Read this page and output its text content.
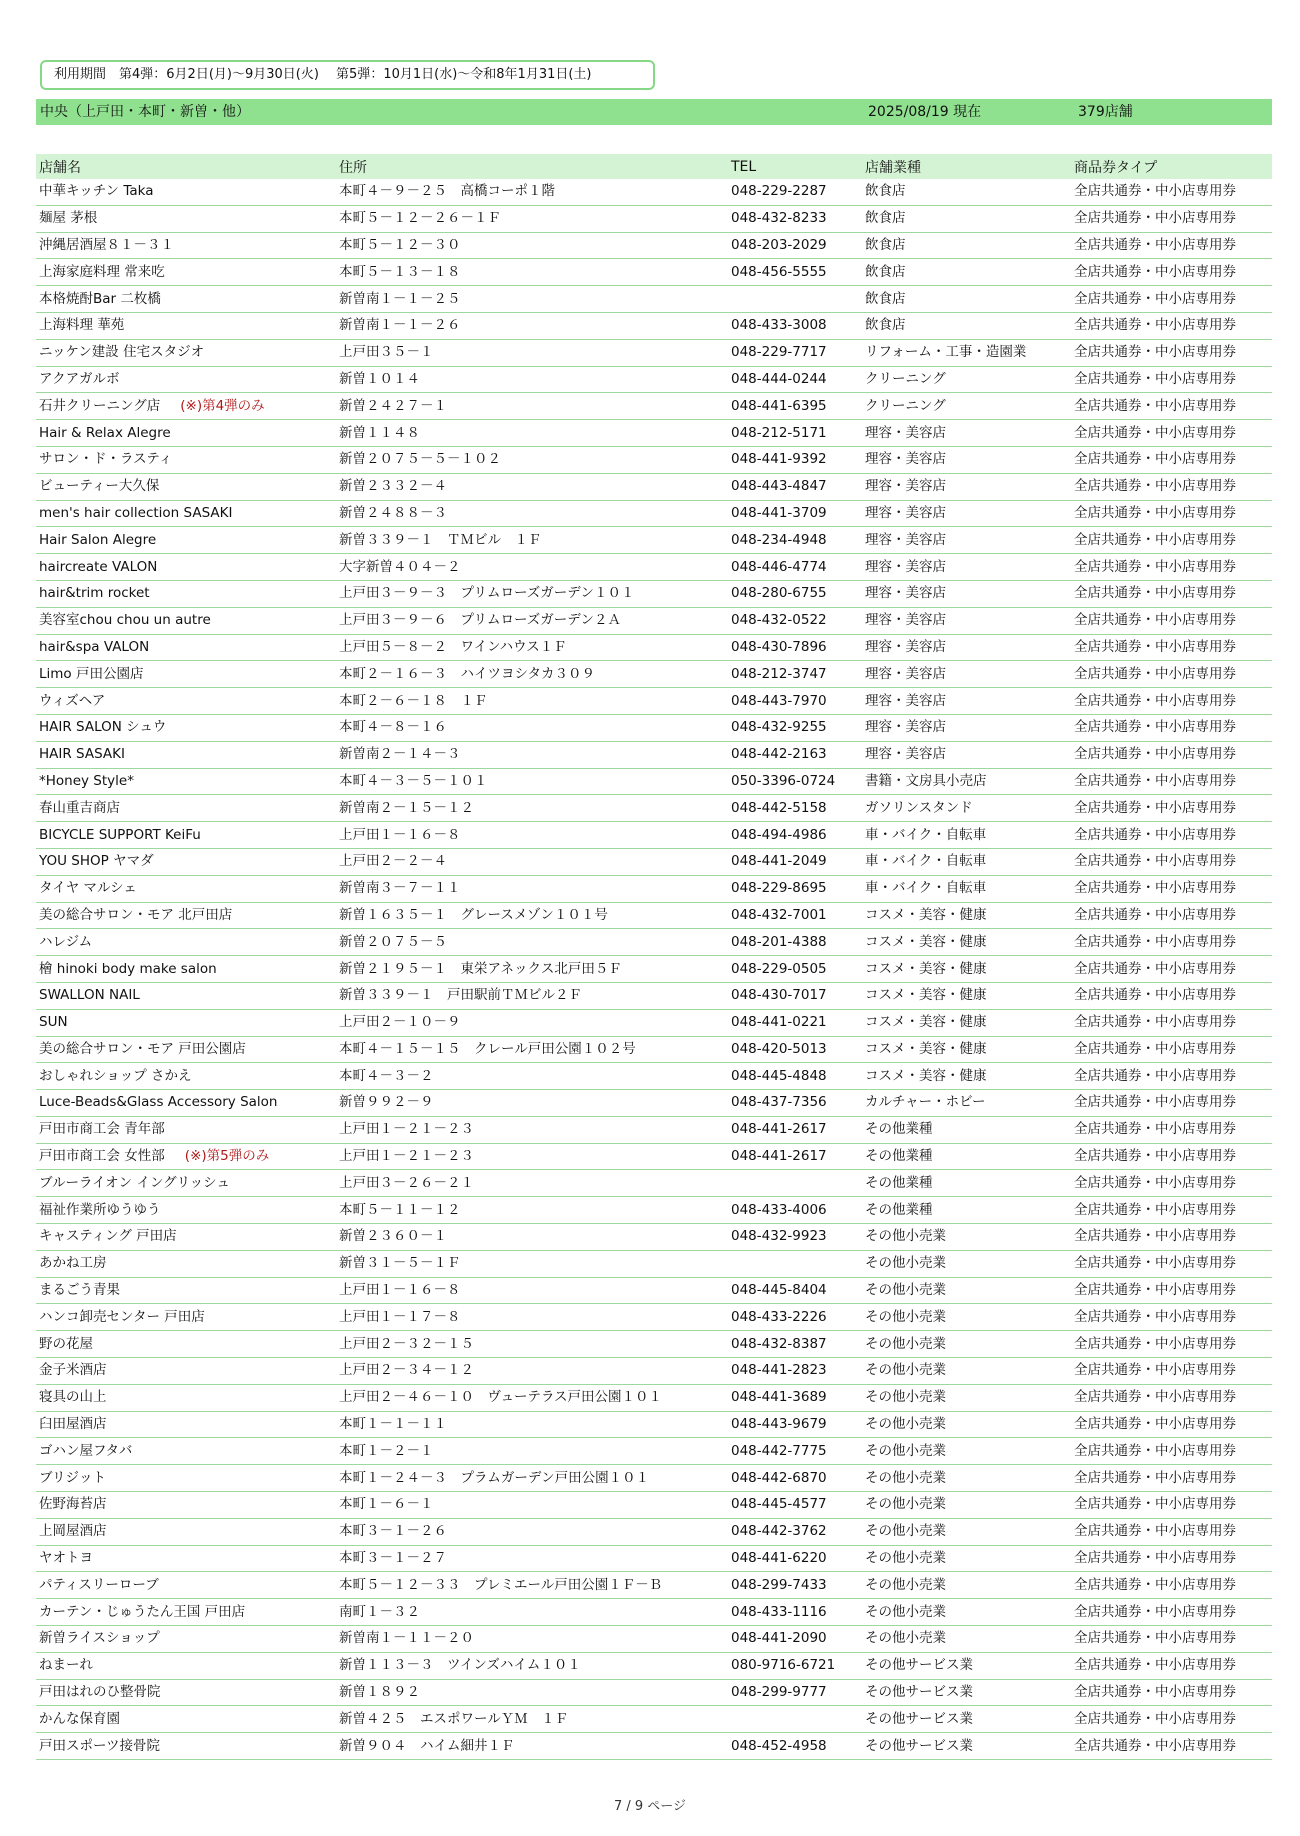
利用期間　第4弾：6月2日(月)～9月30日(火)　 第5弾：10月1日(水)～令和8年1月31日(土)
中央（上戸田・本町・新曽・他）	2025/08/19 現在	379店舗
店舗名	住所	TEL	店舗業種	商品券タイプ
中華キッチン Taka	本町４－９－２５　高橋コーポ１階	048-229-2287	飲食店	全店共通券・中小店専用券
麺屋 茅根	本町５－１２－２６－１Ｆ	048-432-8233	飲食店	全店共通券・中小店専用券
沖縄居酒屋８１－３１	本町５－１２－３０	048-203-2029	飲食店	全店共通券・中小店専用券
上海家庭料理 常来吃	本町５－１３－１８	048-456-5555	飲食店	全店共通券・中小店専用券
本格焼酎Bar 二枚橋	新曽南１－１－２５		飲食店	全店共通券・中小店専用券
上海料理 華苑	新曽南１－１－２６	048-433-3008	飲食店	全店共通券・中小店専用券
ニッケン建設 住宅スタジオ	上戸田３５－１	048-229-7717	リフォーム・工事・造園業	全店共通券・中小店専用券
アクアガルボ	新曽１０１４	048-444-0244	クリーニング	全店共通券・中小店専用券
石井クリーニング店 (※)第4弾のみ	新曽２４２７－１	048-441-6395	クリーニング	全店共通券・中小店専用券
Hair & Relax Alegre	新曽１１４８	048-212-5171	理容・美容店	全店共通券・中小店専用券
サロン・ド・ラスティ	新曽２０７５－５－１０２	048-441-9392	理容・美容店	全店共通券・中小店専用券
ビューティー大久保	新曽２３３２－４	048-443-4847	理容・美容店	全店共通券・中小店専用券
men's hair collection SASAKI	新曽２４８８－３	048-441-3709	理容・美容店	全店共通券・中小店専用券
Hair Salon Alegre	新曽３３９－１　ＴＭビル　１Ｆ	048-234-4948	理容・美容店	全店共通券・中小店専用券
haircreate VALON	大字新曽４０４－２	048-446-4774	理容・美容店	全店共通券・中小店専用券
hair&trim rocket	上戸田３－９－３　プリムローズガーデン１０１	048-280-6755	理容・美容店	全店共通券・中小店専用券
美容室chou chou un autre	上戸田３－９－６　プリムローズガーデン２Ａ	048-432-0522	理容・美容店	全店共通券・中小店専用券
hair&spa VALON	上戸田５－８－２　ワインハウス１Ｆ	048-430-7896	理容・美容店	全店共通券・中小店専用券
Limo 戸田公園店	本町２－１６－３　ハイツヨシタカ３０９	048-212-3747	理容・美容店	全店共通券・中小店専用券
ウィズヘア	本町２－６－１８　１Ｆ	048-443-7970	理容・美容店	全店共通券・中小店専用券
HAIR SALON シュウ	本町４－８－１６	048-432-9255	理容・美容店	全店共通券・中小店専用券
HAIR SASAKI	新曽南２－１４－３	048-442-2163	理容・美容店	全店共通券・中小店専用券
*Honey Style*	本町４－３－５－１０１	050-3396-0724	書籍・文房具小売店	全店共通券・中小店専用券
春山重吉商店	新曽南２－１５－１２	048-442-5158	ガソリンスタンド	全店共通券・中小店専用券
BICYCLE SUPPORT KeiFu	上戸田１－１６－８	048-494-4986	車・バイク・自転車	全店共通券・中小店専用券
YOU SHOP ヤマダ	上戸田２－２－４	048-441-2049	車・バイク・自転車	全店共通券・中小店専用券
タイヤ マルシェ	新曽南３－７－１１	048-229-8695	車・バイク・自転車	全店共通券・中小店専用券
美の総合サロン・モア 北戸田店	新曽１６３５－１　グレースメゾン１０１号	048-432-7001	コスメ・美容・健康	全店共通券・中小店専用券
ハレジム	新曽２０７５－５	048-201-4388	コスメ・美容・健康	全店共通券・中小店専用券
檜 hinoki body make salon	新曽２１９５－１　東栄アネックス北戸田５Ｆ	048-229-0505	コスメ・美容・健康	全店共通券・中小店専用券
SWALLON NAIL	新曽３３９－１　戸田駅前ＴＭビル２Ｆ	048-430-7017	コスメ・美容・健康	全店共通券・中小店専用券
SUN	上戸田２－１０－９	048-441-0221	コスメ・美容・健康	全店共通券・中小店専用券
美の総合サロン・モア 戸田公園店	本町４－１５－１５　クレール戸田公園１０２号	048-420-5013	コスメ・美容・健康	全店共通券・中小店専用券
おしゃれショップ さかえ	本町４－３－２	048-445-4848	コスメ・美容・健康	全店共通券・中小店専用券
Luce-Beads&Glass Accessory Salon	新曽９９２－９	048-437-7356	カルチャー・ホビー	全店共通券・中小店専用券
戸田市商工会 青年部	上戸田１－２１－２３	048-441-2617	その他業種	全店共通券・中小店専用券
戸田市商工会 女性部 (※)第5弾のみ	上戸田１－２１－２３	048-441-2617	その他業種	全店共通券・中小店専用券
ブルーライオン イングリッシュ	上戸田３－２６－２１		その他業種	全店共通券・中小店専用券
福祉作業所ゆうゆう	本町５－１１－１２	048-433-4006	その他業種	全店共通券・中小店専用券
キャスティング 戸田店	新曽２３６０－１	048-432-9923	その他小売業	全店共通券・中小店専用券
あかね工房	新曽３１－５－１Ｆ		その他小売業	全店共通券・中小店専用券
まるごう青果	上戸田１－１６－８	048-445-8404	その他小売業	全店共通券・中小店専用券
ハンコ卸売センター 戸田店	上戸田１－１７－８	048-433-2226	その他小売業	全店共通券・中小店専用券
野の花屋	上戸田２－３２－１５	048-432-8387	その他小売業	全店共通券・中小店専用券
金子米酒店	上戸田２－３４－１２	048-441-2823	その他小売業	全店共通券・中小店専用券
寝具の山上	上戸田２－４６－１０　ヴューテラス戸田公園１０１	048-441-3689	その他小売業	全店共通券・中小店専用券
臼田屋酒店	本町１－１－１１	048-443-9679	その他小売業	全店共通券・中小店専用券
ゴハン屋フタバ	本町１－２－１	048-442-7775	その他小売業	全店共通券・中小店専用券
ブリジット	本町１－２４－３　プラムガーデン戸田公園１０１	048-442-6870	その他小売業	全店共通券・中小店専用券
佐野海苔店	本町１－６－１	048-445-4577	その他小売業	全店共通券・中小店専用券
上岡屋酒店	本町３－１－２６	048-442-3762	その他小売業	全店共通券・中小店専用券
ヤオトヨ	本町３－１－２７	048-441-6220	その他小売業	全店共通券・中小店専用券
パティスリーローブ	本町５－１２－３３　プレミエール戸田公園１Ｆ－Ｂ	048-299-7433	その他小売業	全店共通券・中小店専用券
カーテン・じゅうたん王国 戸田店	南町１－３２	048-433-1116	その他小売業	全店共通券・中小店専用券
新曽ライスショップ	新曽南１－１１－２０	048-441-2090	その他小売業	全店共通券・中小店専用券
ねまーれ	新曽１１３－３　ツインズハイム１０１	080-9716-6721	その他サービス業	全店共通券・中小店専用券
戸田はれのひ整骨院	新曽１８９２	048-299-9777	その他サービス業	全店共通券・中小店専用券
かんな保育園	新曽４２５　エスポワールＹＭ　１Ｆ		その他サービス業	全店共通券・中小店専用券
戸田スポーツ接骨院	新曽９０４　ハイム細井１Ｆ	048-452-4958	その他サービス業	全店共通券・中小店専用券
7 / 9 ページ
